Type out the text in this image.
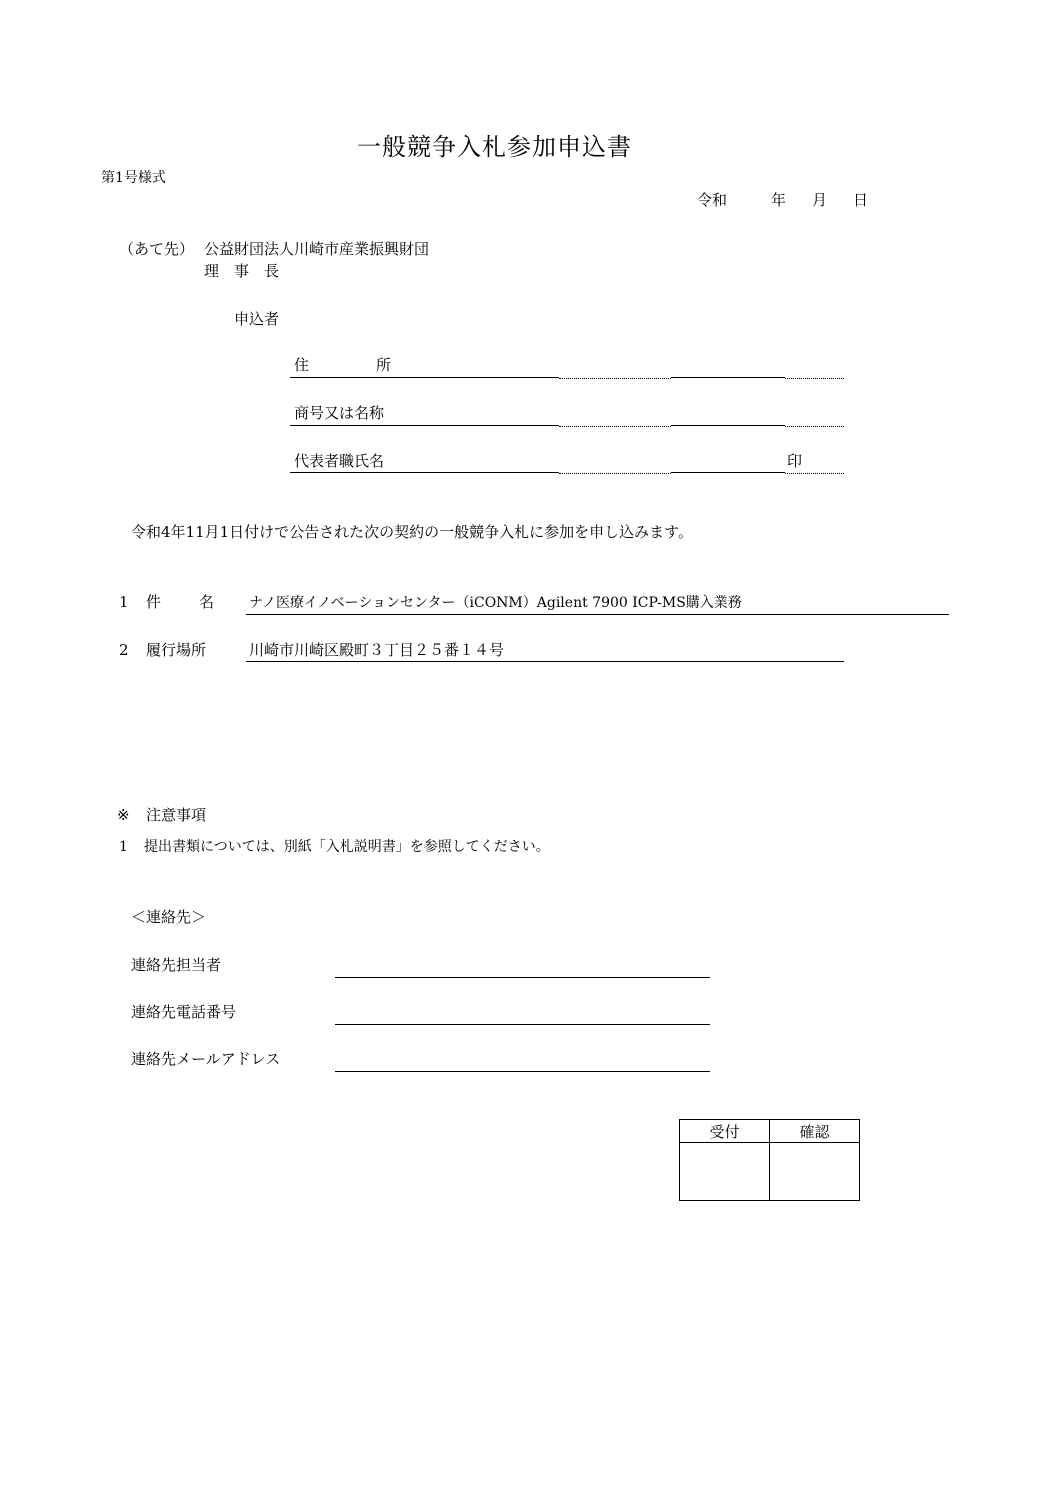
一般競争入札参加申込書
第1号様式
令和	年 月 日
（あて先） 公益財団法人川崎市産業振興財団
理　事　長
申込者
住	所
商号又は名称
代表者職氏名	印
令和4年11月1日付けで公告された次の契約の一般競争入札に参加を申し込みます。
1 件	名 ナノ医療イノベーションセンター（iCONM）Agilent 7900 ICP-MS購入業務
2 履行場所	川崎市川崎区殿町３丁目２５番１４号
※ 注意事項
1 提出書類については、別紙「入札説明書」を参照してください。
＜連絡先＞
連絡先担当者
連絡先電話番号
連絡先メールアドレス
受付	確認
